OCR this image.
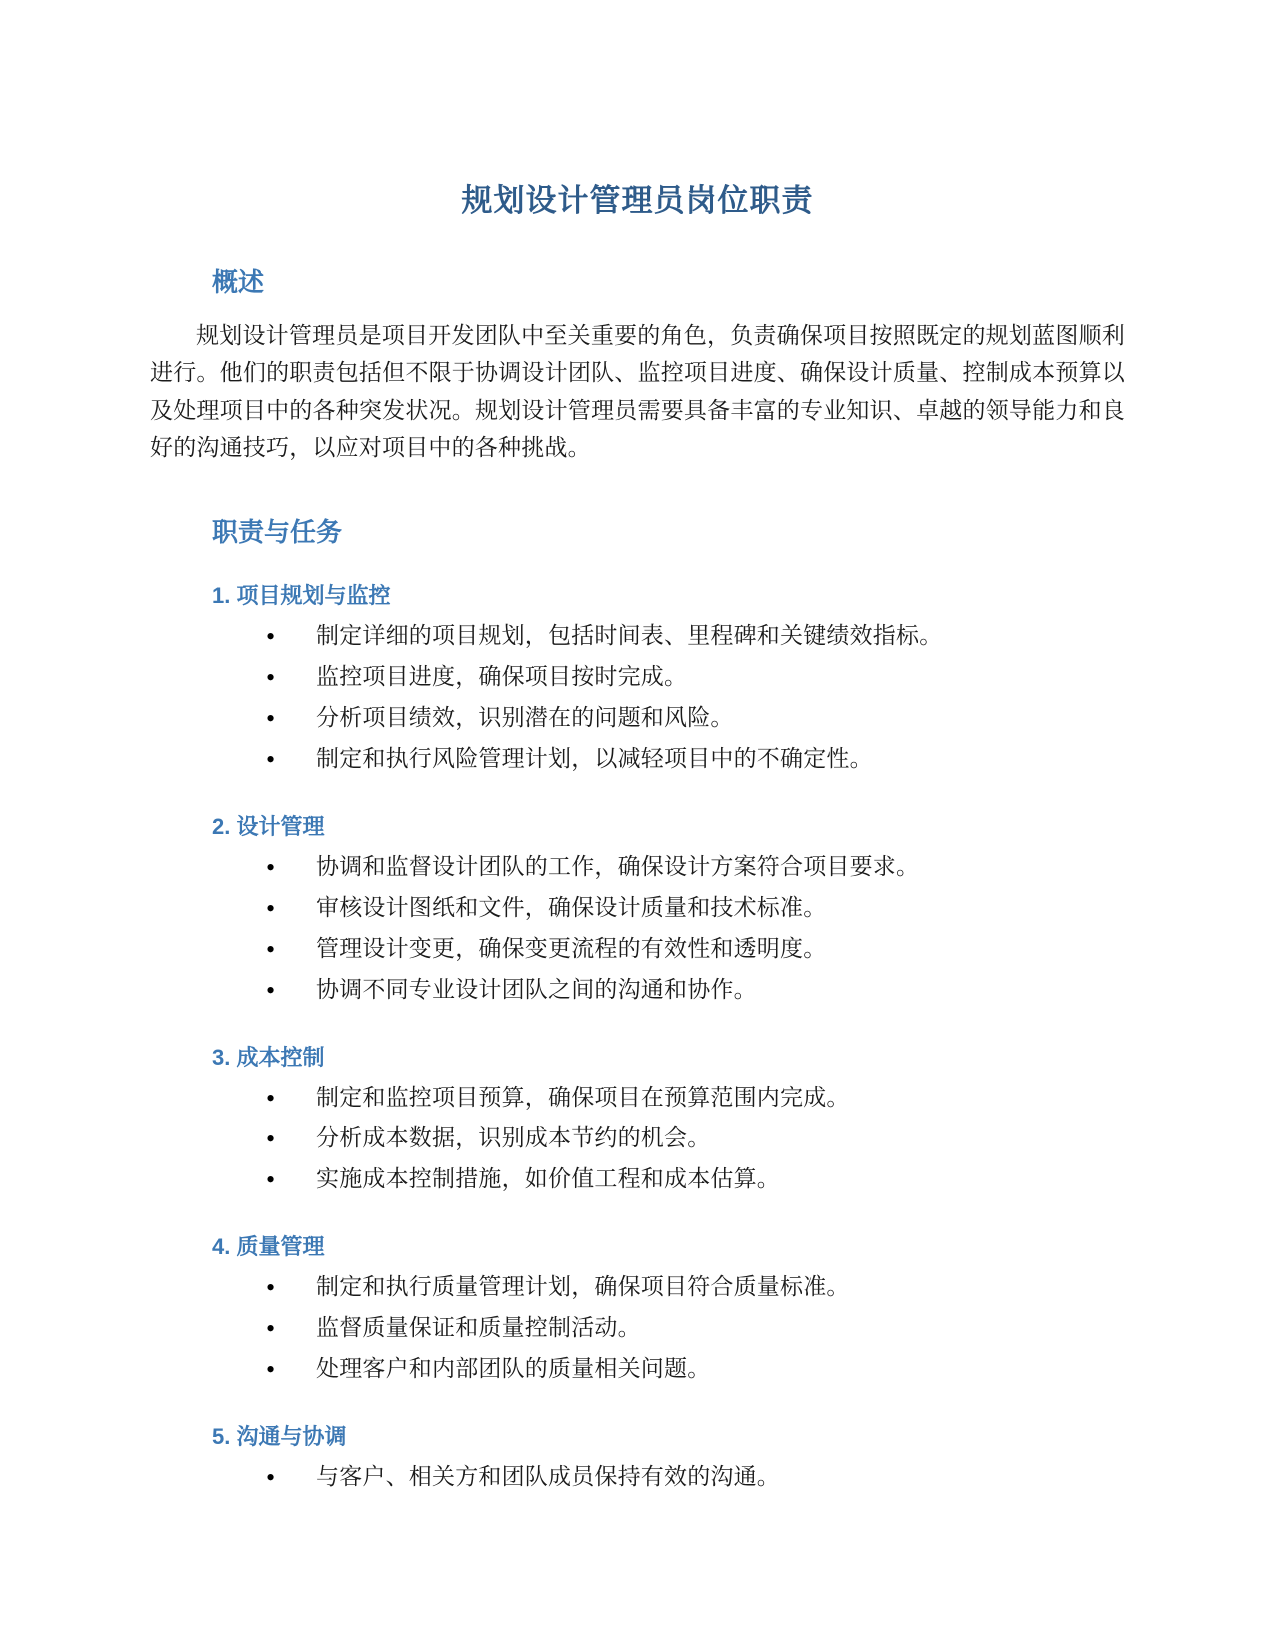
规划设计管理员岗位职责
概述

规划设计管理员是项目开发团队中至关重要的角色，负责确保项目按照既定的规划蓝图顺利进行。他们的职责包括但不限于协调设计团队、监控项目进度、确保设计质量、控制成本预算以及处理项目中的各种突发状况。规划设计管理员需要具备丰富的专业知识、卓越的领导能力和良好的沟通技巧，以应对项目中的各种挑战。

职责与任务
1. 项目规划与监控
• 制定详细的项目规划，包括时间表、里程碑和关键绩效指标。
• 监控项目进度，确保项目按时完成。
• 分析项目绩效，识别潜在的问题和风险。
• 制定和执行风险管理计划，以减轻项目中的不确定性。
2. 设计管理
• 协调和监督设计团队的工作，确保设计方案符合项目要求。
• 审核设计图纸和文件，确保设计质量和技术标准。
• 管理设计变更，确保变更流程的有效性和透明度。
• 协调不同专业设计团队之间的沟通和协作。
3. 成本控制
• 制定和监控项目预算，确保项目在预算范围内完成。
• 分析成本数据，识别成本节约的机会。
• 实施成本控制措施，如价值工程和成本估算。
4. 质量管理
• 制定和执行质量管理计划，确保项目符合质量标准。
• 监督质量保证和质量控制活动。
• 处理客户和内部团队的质量相关问题。
5. 沟通与协调
• 与客户、相关方和团队成员保持有效的沟通。
